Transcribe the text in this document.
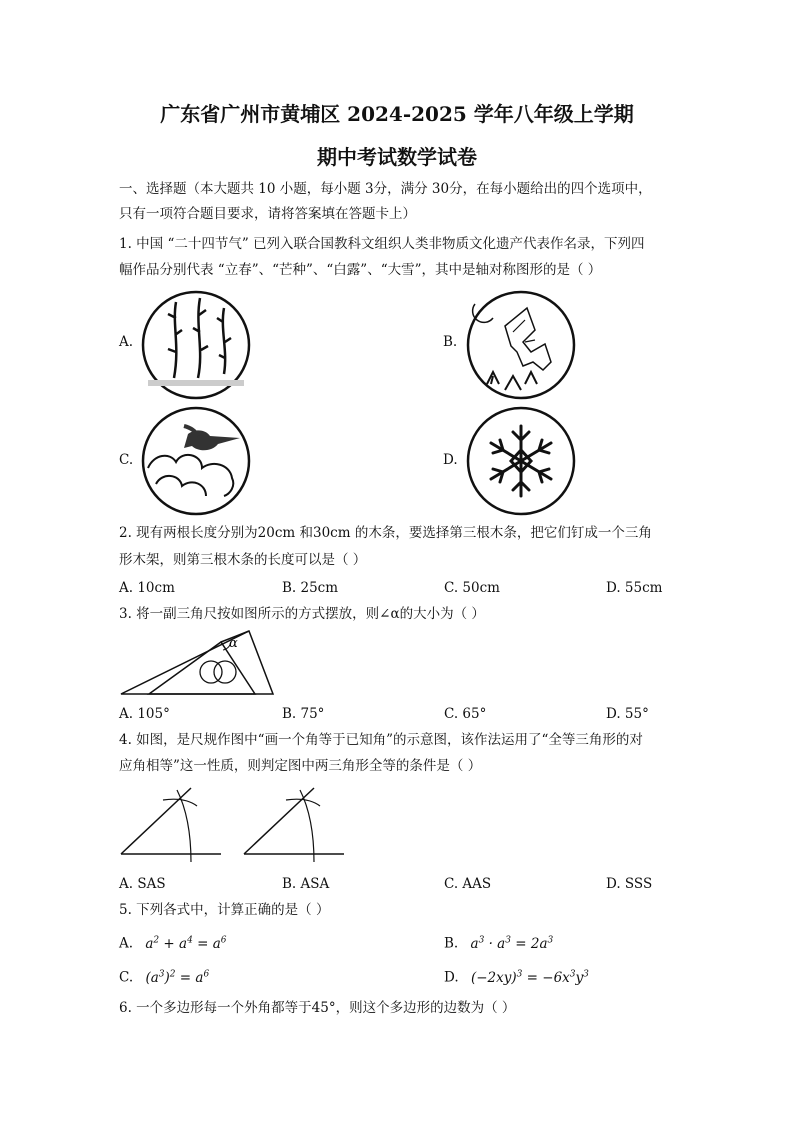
广东省广州市黄埔区 2024-2025 学年八年级上学期
期中考试数学试卷
一、选择题（本大题共 10 小题，每小题 3分，满分 30分，在每小题给出的四个选项中，
只有一项符合题目要求，请将答案填在答题卡上）
1. 中国 “二十四节气” 已列入联合国教科文组织人类非物质文化遗产代表作名录，下列四
幅作品分别代表 “立春”、“芒种”、“白露”、“大雪”，其中是轴对称图形的是（ ）
A.	B.
C.	D.
2. 现有两根长度分别为20cm 和30cm 的木条，要选择第三根木条，把它们钉成一个三角
形木架，则第三根木条的长度可以是（ ）
A. 10cm	B. 25cm	C. 50cm	D. 55cm
3. 将一副三角尺按如图所示的方式摆放，则∠α的大小为（ ）
α
A. 105°	B. 75°	C. 65°	D. 55°
4. 如图，是尺规作图中“画一个角等于已知角”的示意图，该作法运用了“全等三角形的对
应角相等”这一性质，则判定图中两三角形全等的条件是（ ）
A. SAS	B. ASA	C. AAS	D. SSS
5. 下列各式中，计算正确的是（ ）
A. $a^2 + a^4 = a^6$	B. $a^3 \cdot a^3 = 2a^3$
C. $(a^3)^2 = a^6$	D. $(-2xy)^3 = -6x^3y^3$
6. 一个多边形每一个外角都等于45°，则这个多边形的边数为（ ）
